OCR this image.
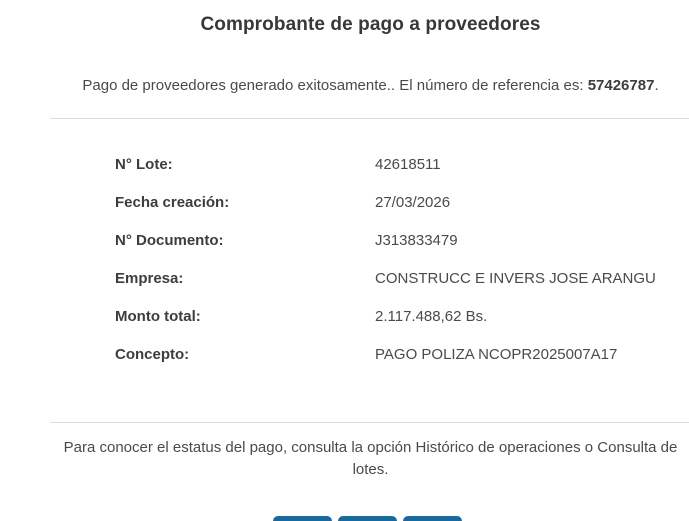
Comprobante de pago a proveedores

Pago de proveedores generado exitosamente.. El número de referencia es: 57426787.

N° Lote:	42618511
Fecha creación:	27/03/2026
N° Documento:	J313833479
Empresa:	CONSTRUCC E INVERS JOSE ARANGU
Monto total:	2.117.488,62 Bs.
Concepto:	PAGO POLIZA NCOPR2025007A17

Para conocer el estatus del pago, consulta la opción Histórico de operaciones o Consulta de lotes.
